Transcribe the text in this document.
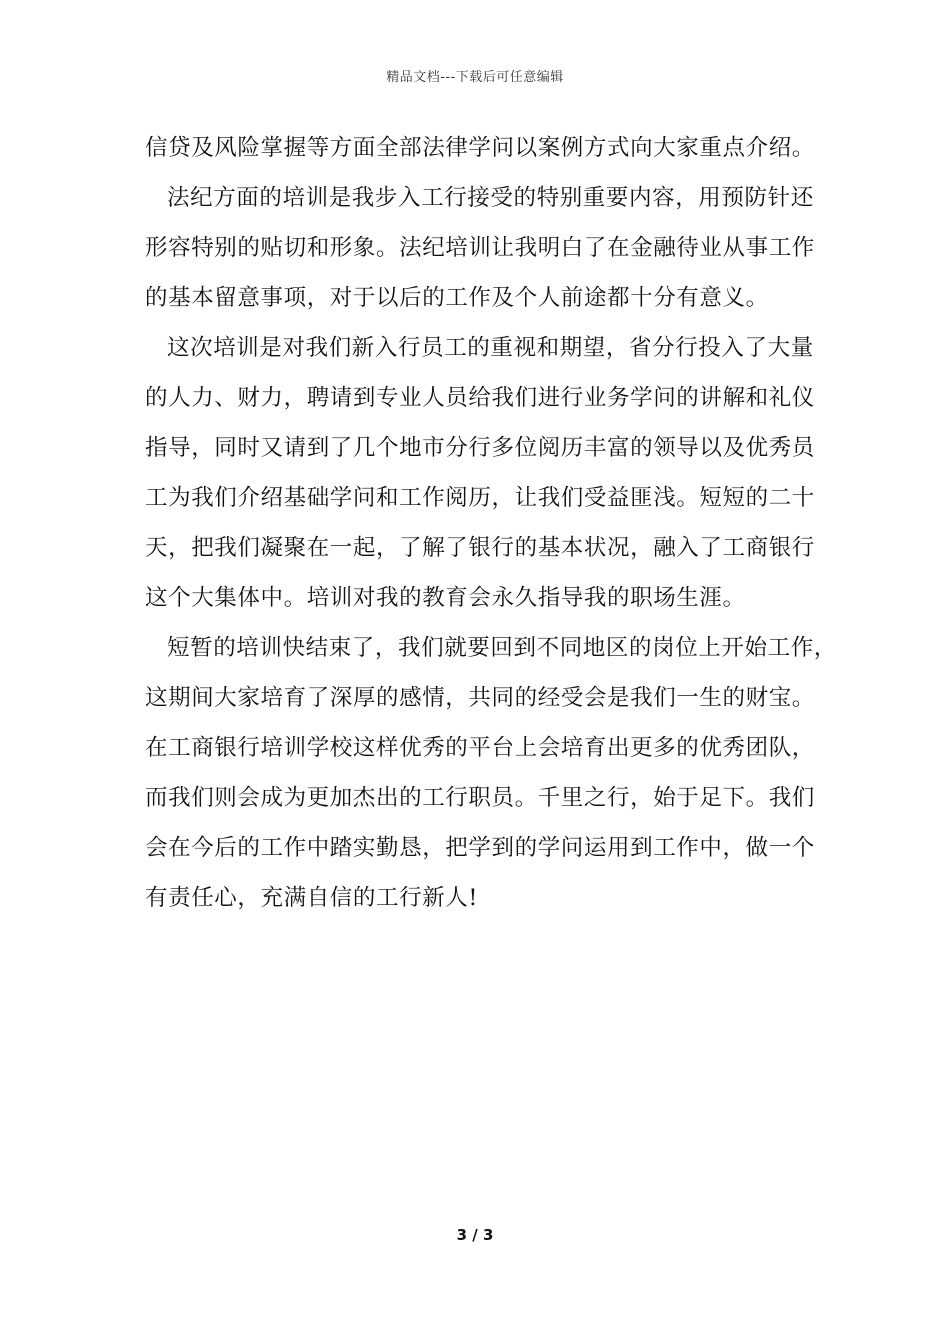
精品文档---下载后可任意编辑
信贷及风险掌握等方面全部法律学问以案例方式向大家重点介绍。
法纪方面的培训是我步入工行接受的特别重要内容，用预防针还
形容特别的贴切和形象。法纪培训让我明白了在金融待业从事工作
的基本留意事项，对于以后的工作及个人前途都十分有意义。
这次培训是对我们新入行员工的重视和期望，省分行投入了大量
的人力、财力，聘请到专业人员给我们进行业务学问的讲解和礼仪
指导，同时又请到了几个地市分行多位阅历丰富的领导以及优秀员
工为我们介绍基础学问和工作阅历，让我们受益匪浅。短短的二十
天，把我们凝聚在一起，了解了银行的基本状况，融入了工商银行
这个大集体中。培训对我的教育会永久指导我的职场生涯。
短暂的培训快结束了，我们就要回到不同地区的岗位上开始工作，
这期间大家培育了深厚的感情，共同的经受会是我们一生的财宝。
在工商银行培训学校这样优秀的平台上会培育出更多的优秀团队，
而我们则会成为更加杰出的工行职员。千里之行，始于足下。我们
会在今后的工作中踏实勤恳，把学到的学问运用到工作中，做一个
有责任心，充满自信的工行新人!
3 / 3
